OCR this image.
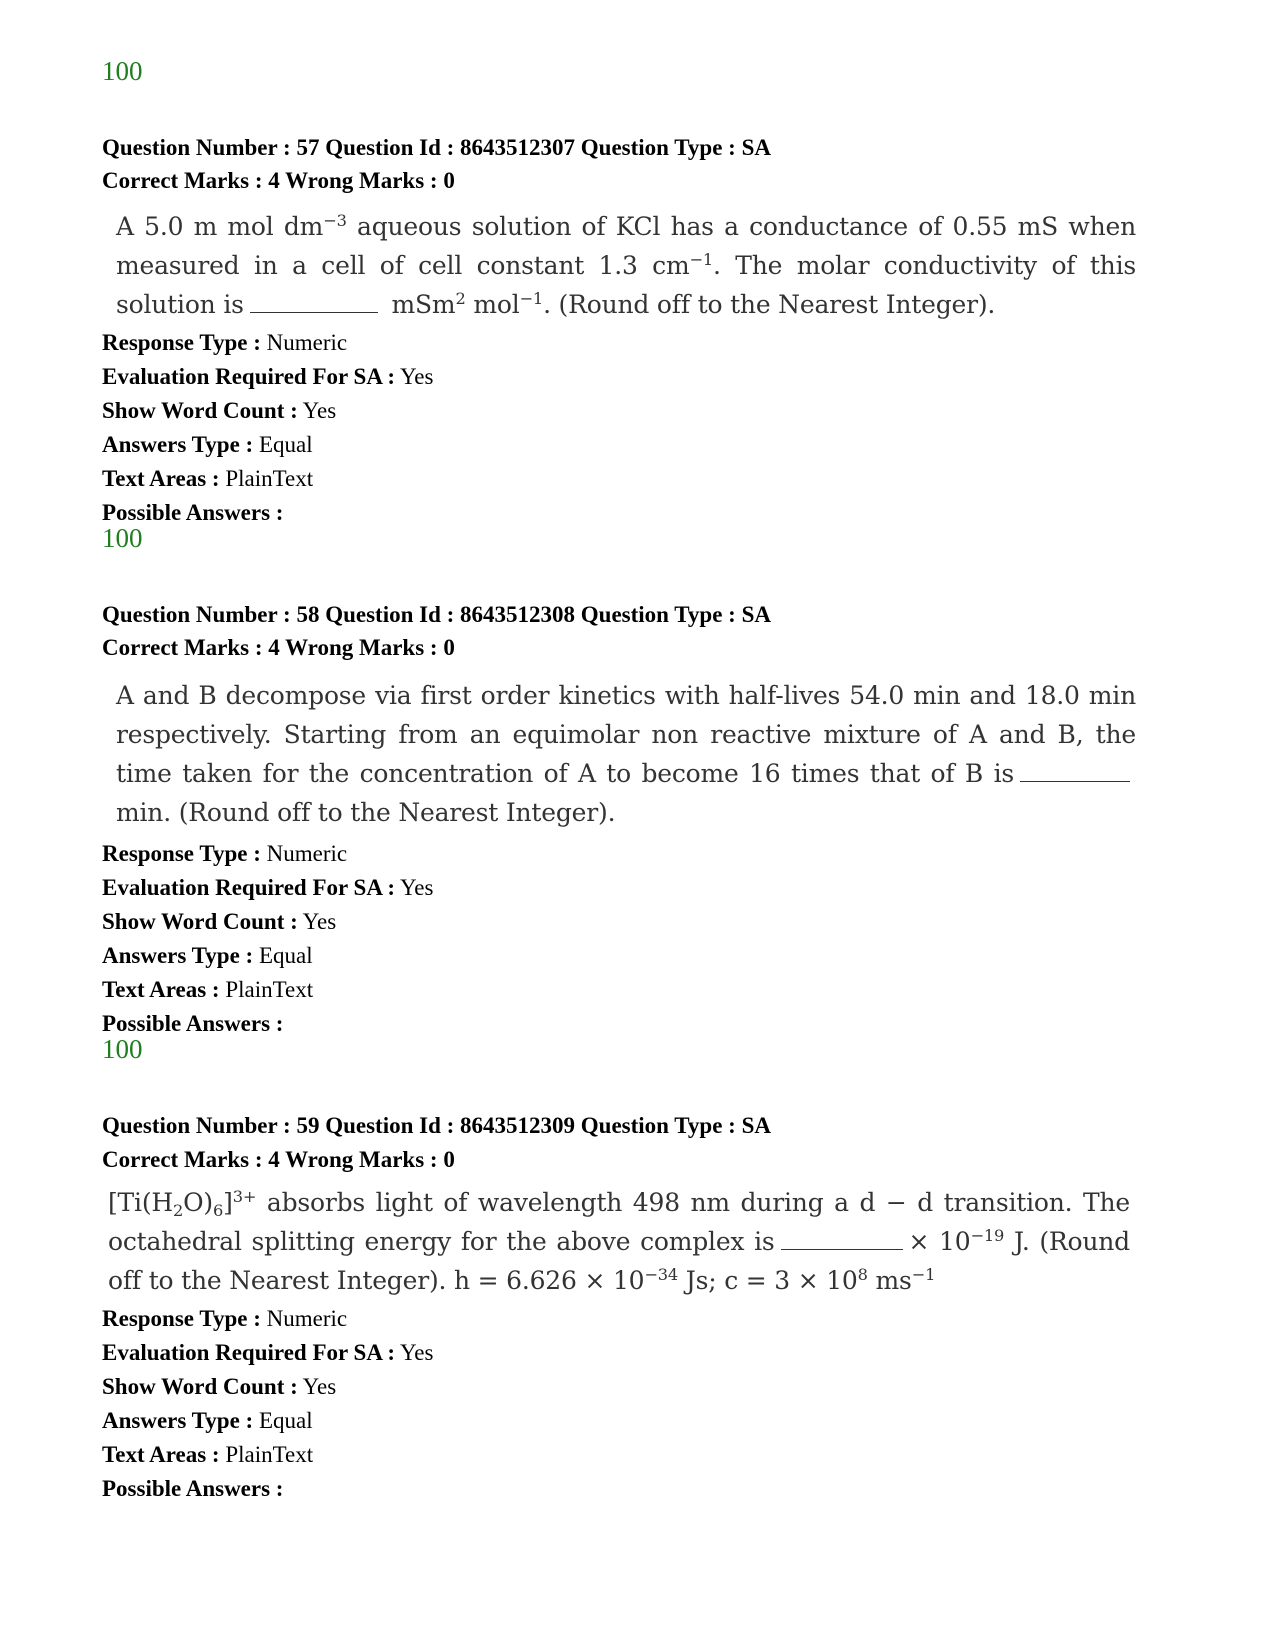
100
Question Number : 57 Question Id : 8643512307 Question Type : SA
Correct Marks : 4 Wrong Marks : 0
A 5.0 m mol $dm^{-3}$ aqueous solution of KCl has a conductance of 0.55 mS when measured in a cell of cell constant 1.3 $cm^{-1}$. The molar conductivity of this solution is	mSm$^2$ mol$^{-1}$. (Round off to the Nearest Integer).
Response Type : Numeric
Evaluation Required For SA : Yes
Show Word Count : Yes
Answers Type : Equal
Text Areas : PlainText
Possible Answers :
100
Question Number : 58 Question Id : 8643512308 Question Type : SA
Correct Marks : 4 Wrong Marks : 0
A and B decompose via first order kinetics with half-lives 54.0 min and 18.0 min respectively. Starting from an equimolar non reactive mixture of A and B, the time taken for the concentration of A to become 16 times that of B ismin. (Round off to the Nearest Integer).
Response Type : Numeric
Evaluation Required For SA : Yes
Show Word Count : Yes
Answers Type : Equal
Text Areas : PlainText
Possible Answers :
100
Question Number : 59 Question Id : 8643512309 Question Type : SA
Correct Marks : 4 Wrong Marks : 0
$[Ti(H_2O)_6]^{3+}$ absorbs light of wavelength 498 nm during a d − d transition. The octahedral splitting energy for the above complex is	× $10^{-19}$ J. (Round off to the Nearest Integer). $h = 6.626 \times 10^{-34}$ Js; $c = 3 \times 10^8$ $ms^{-1}$
Response Type : Numeric
Evaluation Required For SA : Yes
Show Word Count : Yes
Answers Type : Equal
Text Areas : PlainText
Possible Answers :
